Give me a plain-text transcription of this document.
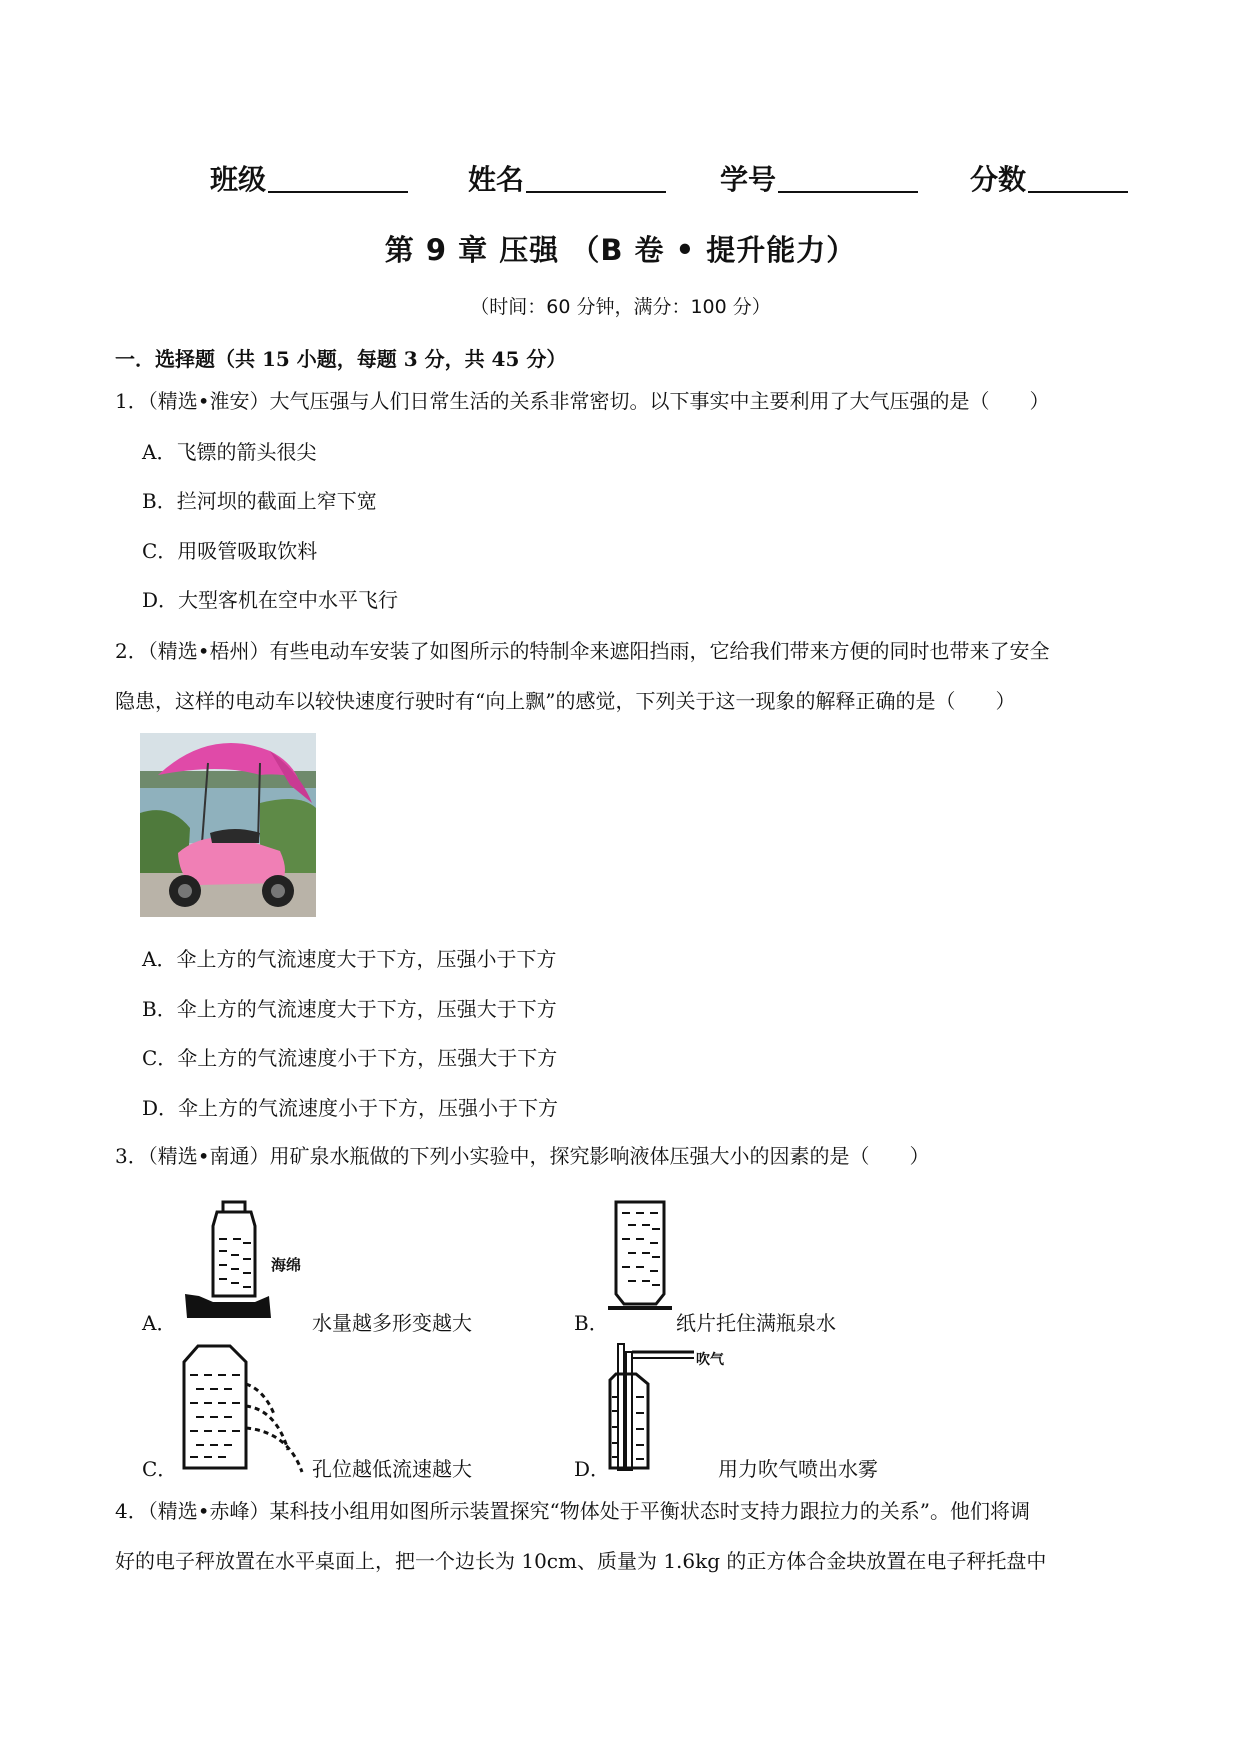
班级	姓名	学号	分数
第 9 章 压强 （B 卷 • 提升能力）
（时间：60 分钟，满分：100 分）
一．选择题（共 15 小题，每题 3 分，共 45 分）
1．（精选•淮安）大气压强与人们日常生活的关系非常密切。以下事实中主要利用了大气压强的是（　　）
A．飞镖的箭头很尖
B．拦河坝的截面上窄下宽
C．用吸管吸取饮料
D．大型客机在空中水平飞行
2．（精选•梧州）有些电动车安装了如图所示的特制伞来遮阳挡雨，它给我们带来方便的同时也带来了安全
隐患，这样的电动车以较快速度行驶时有“向上飘”的感觉，下列关于这一现象的解释正确的是（　　）
A．伞上方的气流速度大于下方，压强小于下方
B．伞上方的气流速度大于下方，压强大于下方
C．伞上方的气流速度小于下方，压强大于下方
D．伞上方的气流速度小于下方，压强小于下方
3．（精选•南通）用矿泉水瓶做的下列小实验中，探究影响液体压强大小的因素的是（　　）
A．
海绵
水量越多形变越大	B．	纸片托住满瓶泉水
C．	孔位越低流速越大	D．
吹气
用力吹气喷出水雾
4．（精选•赤峰）某科技小组用如图所示装置探究“物体处于平衡状态时支持力跟拉力的关系”。他们将调
好的电子秤放置在水平桌面上，把一个边长为 10cm、质量为 1.6kg 的正方体合金块放置在电子秤托盘中
